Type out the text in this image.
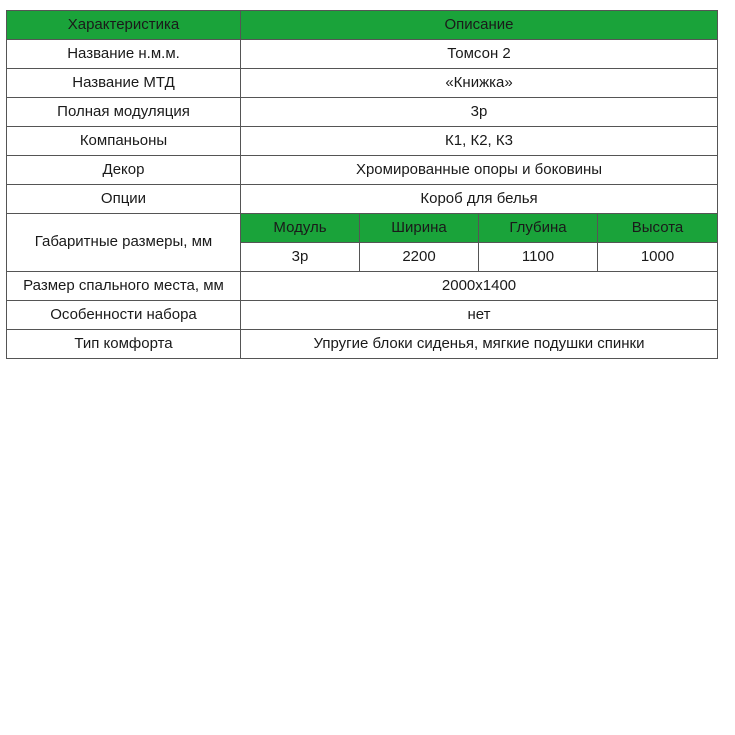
Характеристика	Описание			
Название н.м.м.	Томсон 2			
Название МТД	«Книжка»			
Полная модуляция	3р			
Компаньоны	К1, К2, К3			
Декор	Хромированные опоры и боковины			
Опции	Короб для белья			
Габаритные размеры, мм	Модуль	Ширина	Глубина	Высота
	3р	2200	1100	1000
Размер спального места, мм	2000х1400			
Особенности набора	нет			
Тип комфорта	Упругие блоки сиденья, мягкие подушки спинки			
